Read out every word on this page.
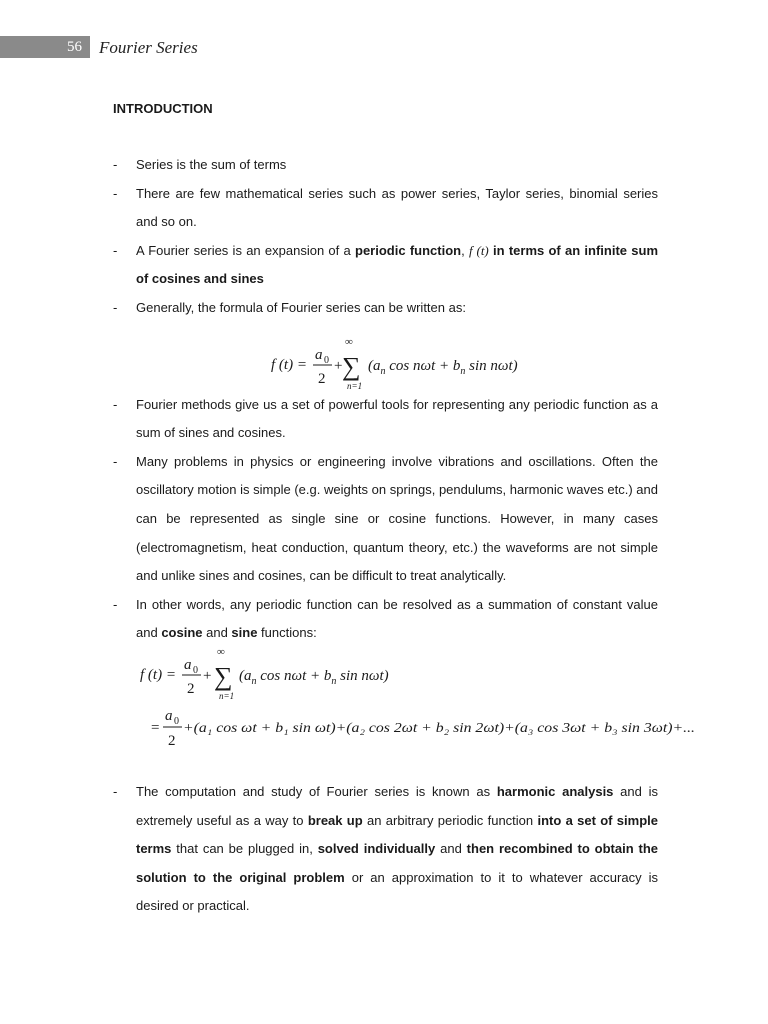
56	Fourier Series
INTRODUCTION
- Series is the sum of terms
- There are few mathematical series such as power series, Taylor series, binomial series and so on.
- A Fourier series is an expansion of a periodic function, f (t) in terms of an infinite sum of cosines and sines
- Generally, the formula of Fourier series can be written as:
f (t) =
a 0
2
+
∞
∑
n=1
($a_n$ $\cos n\omega t + b_n$ sin nωt)
- Fourier methods give us a set of powerful tools for representing any periodic function as a sum of sines and cosines.
- Many problems in physics or engineering involve vibrations and oscillations. Often the oscillatory motion is simple (e.g. weights on springs, pendulums, harmonic waves etc.) and can be represented as single sine or cosine functions. However, in many cases (electromagnetism, heat conduction, quantum theory, etc.) the waveforms are not simple and unlike sines and cosines, can be difficult to treat analytically.
- In other words, any periodic function can be resolved as a summation of constant value and cosine and sine functions:
f (t) =
a 0
2
+
∞
∑
n=1
($a_n$ $\cos n\omega t + b_n$ sin nωt)
=
a 0
2
+(a₁ cos ωt + b₁ sin ωt)+(a₂ cos 2ωt + b₂ sin 2ωt)+(a₃ cos 3ωt + b₃ sin 3ωt)+...
- The computation and study of Fourier series is known as harmonic analysis and is extremely useful as a way to break up an arbitrary periodic function into a set of simple terms that can be plugged in, solved individually and then recombined to obtain the solution to the original problem or an approximation to it to whatever accuracy is desired or practical.
